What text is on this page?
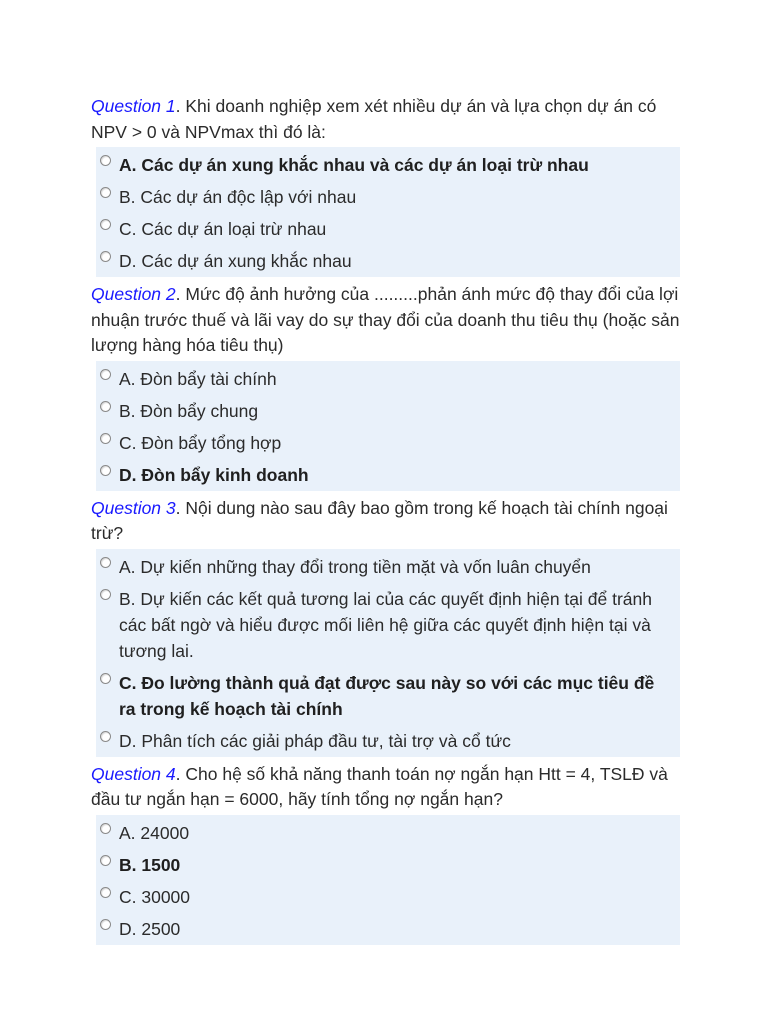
Question 1. Khi doanh nghiệp xem xét nhiều dự án và lựa chọn dự án có NPV > 0 và NPVmax thì đó là:

A. Các dự án xung khắc nhau và các dự án loại trừ nhau
B. Các dự án độc lập với nhau
C. Các dự án loại trừ nhau
D. Các dự án xung khắc nhau

Question 2. Mức độ ảnh hưởng của .........phản ánh mức độ thay đổi của lợi nhuận trước thuế và lãi vay do sự thay đổi của doanh thu tiêu thụ (hoặc sản lượng hàng hóa tiêu thụ)

A. Đòn bẩy tài chính
B. Đòn bẩy chung
C. Đòn bẩy tổng hợp
D. Đòn bẩy kinh doanh

Question 3. Nội dung nào sau đây bao gồm trong kế hoạch tài chính ngoại trừ?

A. Dự kiến những thay đổi trong tiền mặt và vốn luân chuyển
B. Dự kiến các kết quả tương lai của các quyết định hiện tại để tránh các bất ngờ và hiểu được mối liên hệ giữa các quyết định hiện tại và tương lai.
C. Đo lường thành quả đạt được sau này so với các mục tiêu đề ra trong kế hoạch tài chính
D. Phân tích các giải pháp đầu tư, tài trợ và cổ tức

Question 4. Cho hệ số khả năng thanh toán nợ ngắn hạn Htt = 4, TSLĐ và đầu tư ngắn hạn = 6000, hãy tính tổng nợ ngắn hạn?

A. 24000
B. 1500
C. 30000
D. 2500
